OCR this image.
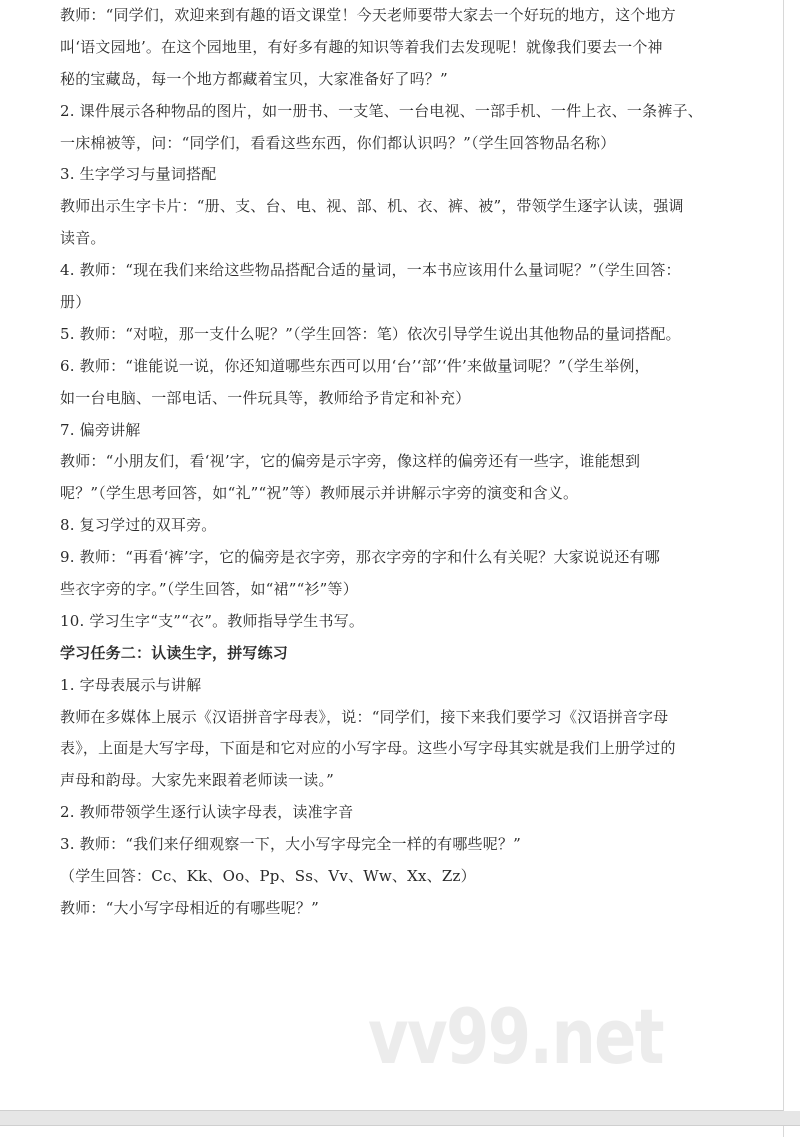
教师：“同学们，欢迎来到有趣的语文课堂！今天老师要带大家去一个好玩的地方，这个地方
叫‘语文园地’。在这个园地里，有好多有趣的知识等着我们去发现呢！就像我们要去一个神
秘的宝藏岛，每一个地方都藏着宝贝，大家准备好了吗？”
2. 课件展示各种物品的图片，如一册书、一支笔、一台电视、一部手机、一件上衣、一条裤子、
一床棉被等，问：“同学们，看看这些东西，你们都认识吗？”（学生回答物品名称）
3. 生字学习与量词搭配
教师出示生字卡片：“册、支、台、电、视、部、机、衣、裤、被”，带领学生逐字认读，强调
读音。
4. 教师：“现在我们来给这些物品搭配合适的量词，一本书应该用什么量词呢？”（学生回答：
册）
5. 教师：“对啦，那一支什么呢？”（学生回答：笔）依次引导学生说出其他物品的量词搭配。
6. 教师：“谁能说一说，你还知道哪些东西可以用‘台’‘部’‘件’来做量词呢？”（学生举例，
如一台电脑、一部电话、一件玩具等，教师给予肯定和补充）
7. 偏旁讲解
教师：“小朋友们，看‘视’字，它的偏旁是示字旁，像这样的偏旁还有一些字，谁能想到
呢？”（学生思考回答，如“礼”“祝”等）教师展示并讲解示字旁的演变和含义。
8. 复习学过的双耳旁。
9. 教师：“再看‘裤’字，它的偏旁是衣字旁，那衣字旁的字和什么有关呢？大家说说还有哪
些衣字旁的字。”（学生回答，如“裙”“衫”等）
10. 学习生字“支”“衣”。教师指导学生书写。
学习任务二：认读生字，拼写练习
1. 字母表展示与讲解
教师在多媒体上展示《汉语拼音字母表》，说：“同学们，接下来我们要学习《汉语拼音字母
表》，上面是大写字母，下面是和它对应的小写字母。这些小写字母其实就是我们上册学过的
声母和韵母。大家先来跟着老师读一读。”
2. 教师带领学生逐行认读字母表，读准字音
3. 教师：“我们来仔细观察一下，大小写字母完全一样的有哪些呢？”
（学生回答：Cc、Kk、Oo、Pp、Ss、Vv、Ww、Xx、Zz）
教师：“大小写字母相近的有哪些呢？”
vv99.net
